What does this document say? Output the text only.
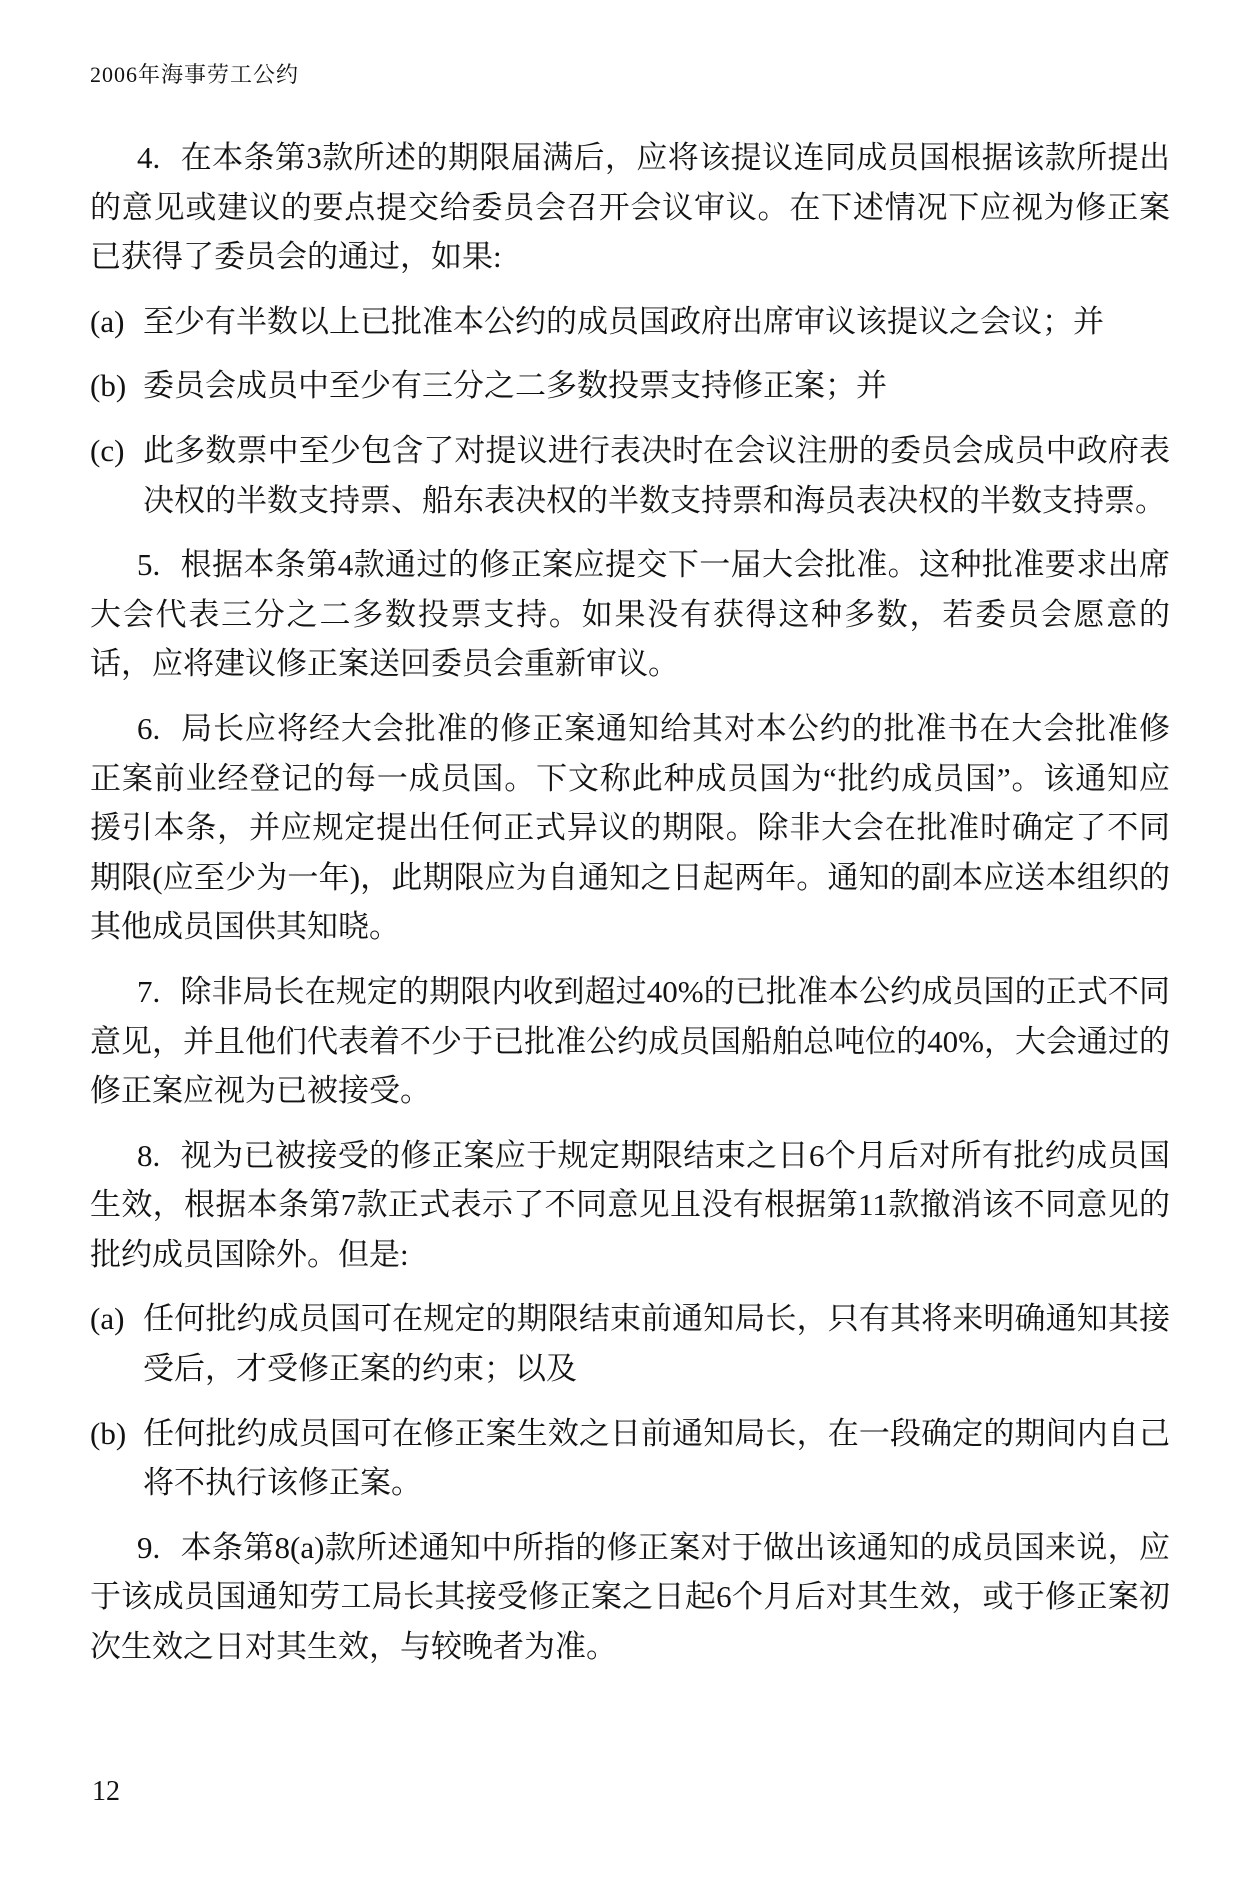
2006年海事劳工公约

4. 在本条第3款所述的期限届满后，应将该提议连同成员国根据该款所提出的意见或建议的要点提交给委员会召开会议审议。在下述情况下应视为修正案已获得了委员会的通过，如果:

(a) 至少有半数以上已批准本公约的成员国政府出席审议该提议之会议；并

(b) 委员会成员中至少有三分之二多数投票支持修正案；并

(c) 此多数票中至少包含了对提议进行表决时在会议注册的委员会成员中政府表决权的半数支持票、船东表决权的半数支持票和海员表决权的半数支持票。

5. 根据本条第4款通过的修正案应提交下一届大会批准。这种批准要求出席大会代表三分之二多数投票支持。如果没有获得这种多数，若委员会愿意的话，应将建议修正案送回委员会重新审议。

6. 局长应将经大会批准的修正案通知给其对本公约的批准书在大会批准修正案前业经登记的每一成员国。下文称此种成员国为“批约成员国”。该通知应援引本条，并应规定提出任何正式异议的期限。除非大会在批准时确定了不同期限(应至少为一年)，此期限应为自通知之日起两年。通知的副本应送本组织的其他成员国供其知晓。

7. 除非局长在规定的期限内收到超过40%的已批准本公约成员国的正式不同意见，并且他们代表着不少于已批准公约成员国船舶总吨位的40%，大会通过的修正案应视为已被接受。

8. 视为已被接受的修正案应于规定期限结束之日6个月后对所有批约成员国生效，根据本条第7款正式表示了不同意见且没有根据第11款撤消该不同意见的批约成员国除外。但是:

(a) 任何批约成员国可在规定的期限结束前通知局长，只有其将来明确通知其接受后，才受修正案的约束；以及

(b) 任何批约成员国可在修正案生效之日前通知局长，在一段确定的期间内自己将不执行该修正案。

9. 本条第8(a)款所述通知中所指的修正案对于做出该通知的成员国来说，应于该成员国通知劳工局长其接受修正案之日起6个月后对其生效，或于修正案初次生效之日对其生效，与较晚者为准。

12
